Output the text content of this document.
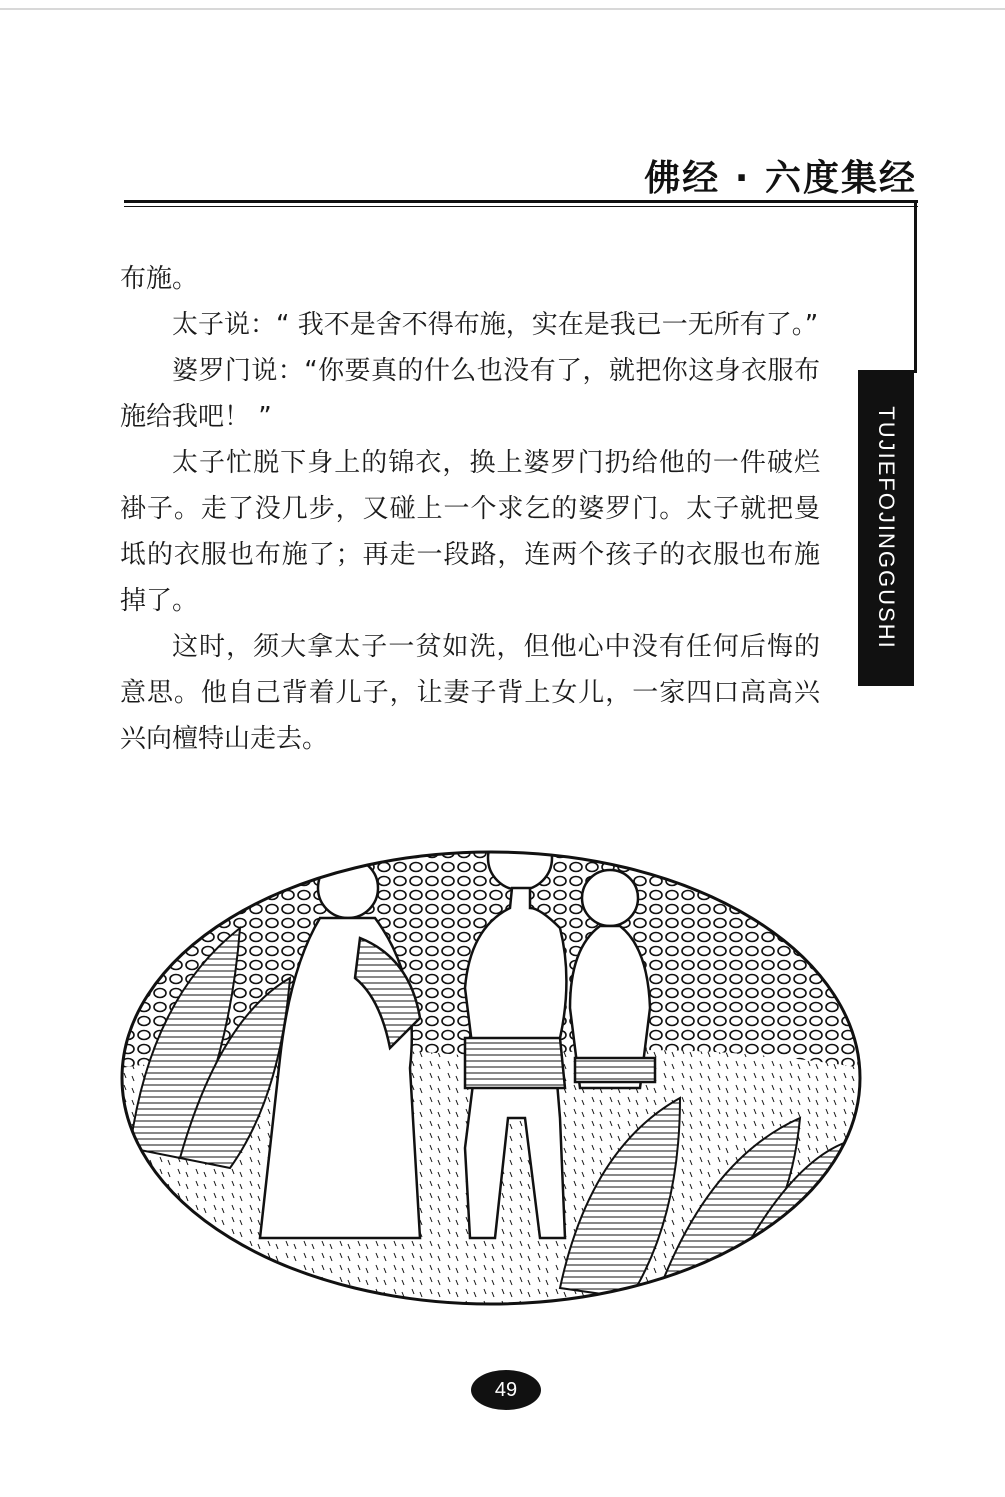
佛经 · 六度集经
TUJIEFOJINGGUSHI

布施。

太子说：“ 我不是舍不得布施，实在是我已一无所有了。”

婆罗门说：“你要真的什么也没有了，就把你这身衣服布施给我吧！ ”

太子忙脱下身上的锦衣，换上婆罗门扔给他的一件破烂褂子。走了没几步，又碰上一个求乞的婆罗门。太子就把曼坻的衣服也布施了；再走一段路，连两个孩子的衣服也布施掉了。

这时，须大拿太子一贫如洗，但他心中没有任何后悔的意思。他自己背着儿子，让妻子背上女儿，一家四口高高兴兴向檀特山走去。

49
